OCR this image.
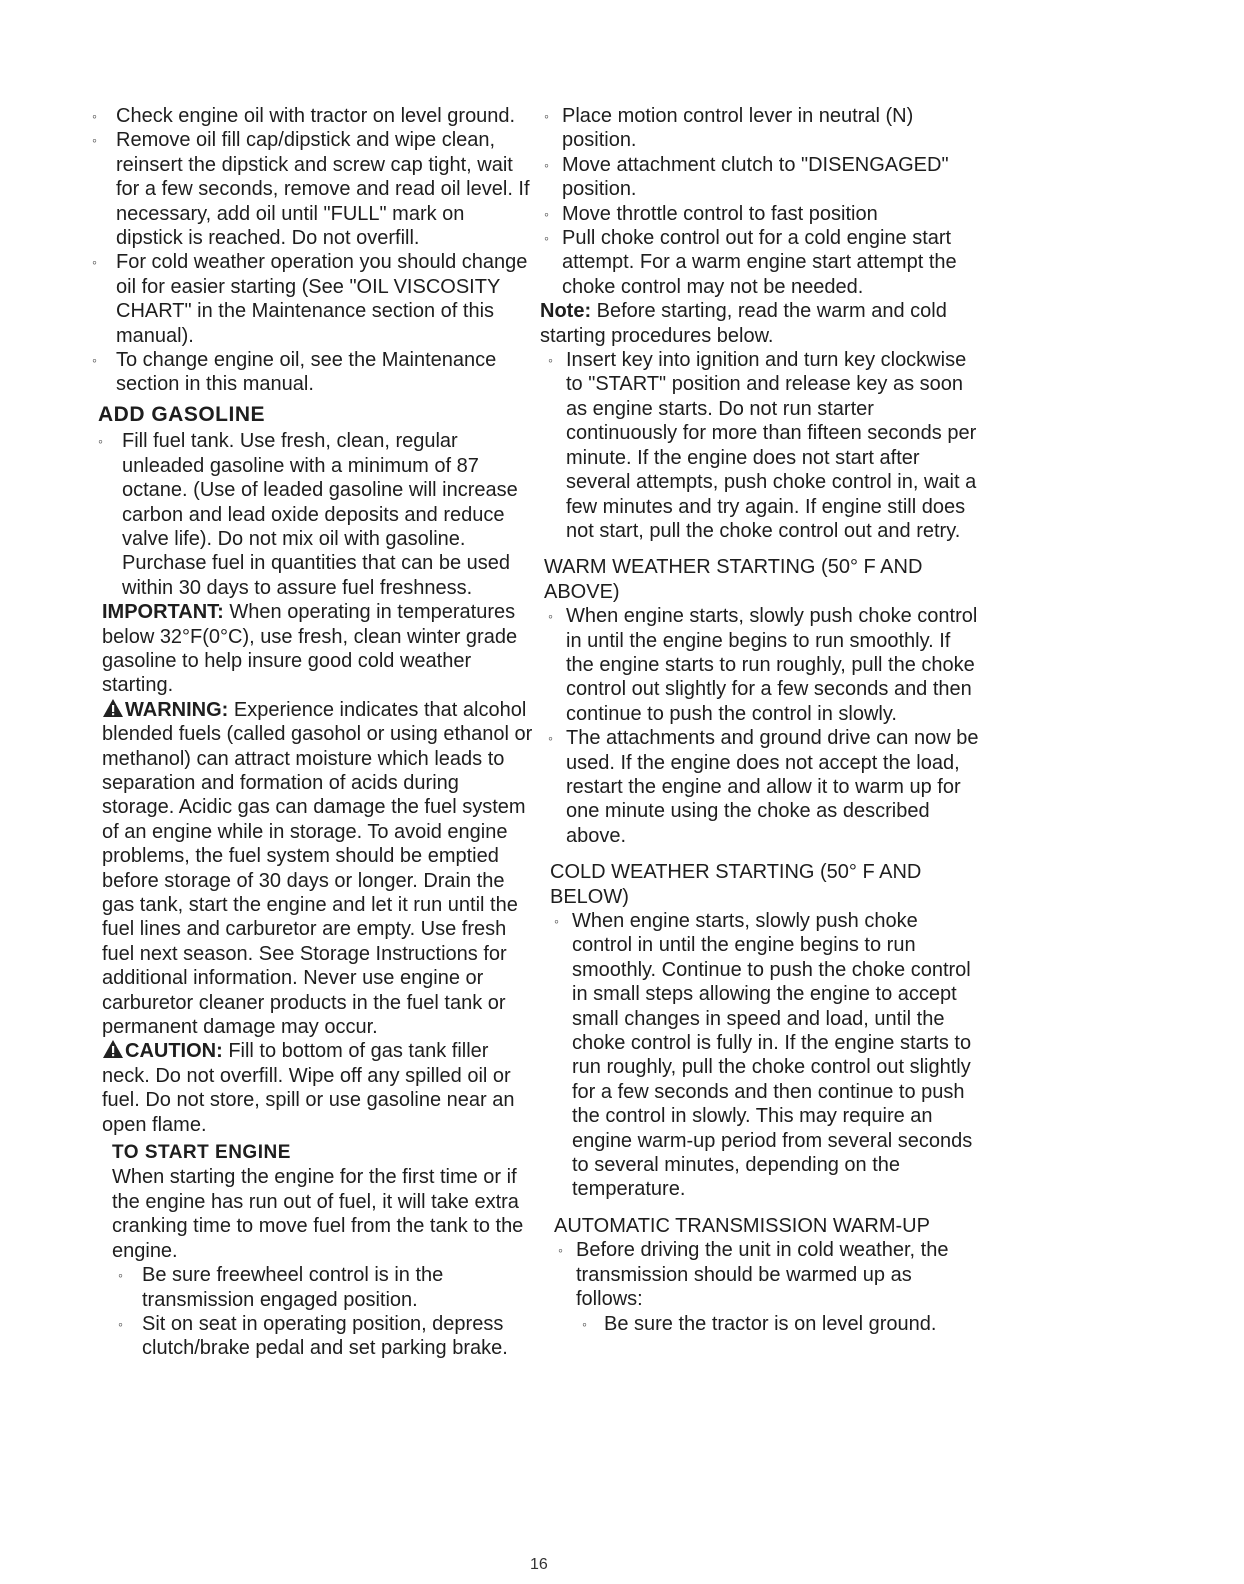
◦ Check engine oil with tractor on level ground.
◦ Remove oil fill cap/dipstick and wipe clean, reinsert the dipstick and screw cap tight, wait for a few seconds, remove and read oil level. If necessary, add oil until "FULL" mark on dipstick is reached. Do not overfill.
◦ For cold weather operation you should change oil for easier starting (See "OIL VISCOSITY CHART" in the Maintenance section of this manual).
◦ To change engine oil, see the Maintenance section in this manual.
ADD GASOLINE
◦ Fill fuel tank. Use fresh, clean, regular unleaded gasoline with a minimum of 87 octane. (Use of leaded gasoline will increase carbon and lead oxide deposits and reduce valve life). Do not mix oil with gasoline. Purchase fuel in quantities that can be used within 30 days to assure fuel freshness.

IMPORTANT: When operating in temperatures below 32°F(0°C), use fresh, clean winter grade gasoline to help insure good cold weather starting.

WARNING: Experience indicates that alcohol blended fuels (called gasohol or using ethanol or methanol) can attract moisture which leads to separation and formation of acids during storage. Acidic gas can damage the fuel system of an engine while in storage. To avoid engine problems, the fuel system should be emptied before storage of 30 days or longer. Drain the gas tank, start the engine and let it run until the fuel lines and carburetor are empty. Use fresh fuel next season. See Storage Instructions for additional information. Never use engine or carburetor cleaner products in the fuel tank or permanent damage may occur.

CAUTION: Fill to bottom of gas tank filler neck. Do not overfill. Wipe off any spilled oil or fuel. Do not store, spill or use gasoline near an open flame.

TO START ENGINE

When starting the engine for the first time or if the engine has run out of fuel, it will take extra cranking time to move fuel from the tank to the engine.

◦ Be sure freewheel control is in the transmission engaged position.
◦ Sit on seat in operating position, depress clutch/brake pedal and set parking brake.
◦ Place motion control lever in neutral (N) position.
◦ Move attachment clutch to "DISENGAGED" position.
◦ Move throttle control to fast position
◦ Pull choke control out for a cold engine start attempt. For a warm engine start attempt the choke control may not be needed.

Note: Before starting, read the warm and cold starting procedures below.

◦ Insert key into ignition and turn key clockwise to "START" position and release key as soon as engine starts. Do not run starter continuously for more than fifteen seconds per minute. If the engine does not start after several attempts, push choke control in, wait a few minutes and try again. If engine still does not start, pull the choke control out and retry.
WARM WEATHER STARTING (50° F AND ABOVE)
◦ When engine starts, slowly push choke control in until the engine begins to run smoothly. If the engine starts to run roughly, pull the choke control out slightly for a few seconds and then continue to push the control in slowly.
◦ The attachments and ground drive can now be used. If the engine does not accept the load, restart the engine and allow it to warm up for one minute using the choke as described above.
COLD WEATHER STARTING (50° F AND BELOW)
◦ When engine starts, slowly push choke control in until the engine begins to run smoothly. Continue to push the choke control in small steps allowing the engine to accept small changes in speed and load, until the choke control is fully in. If the engine starts to run roughly, pull the choke control out slightly for a few seconds and then continue to push the control in slowly. This may require an engine warm-up period from several seconds to several minutes, depending on the temperature.
AUTOMATIC TRANSMISSION WARM-UP
◦ Before driving the unit in cold weather, the transmission should be warmed up as follows:
◦ Be sure the tractor is on level ground.
16
